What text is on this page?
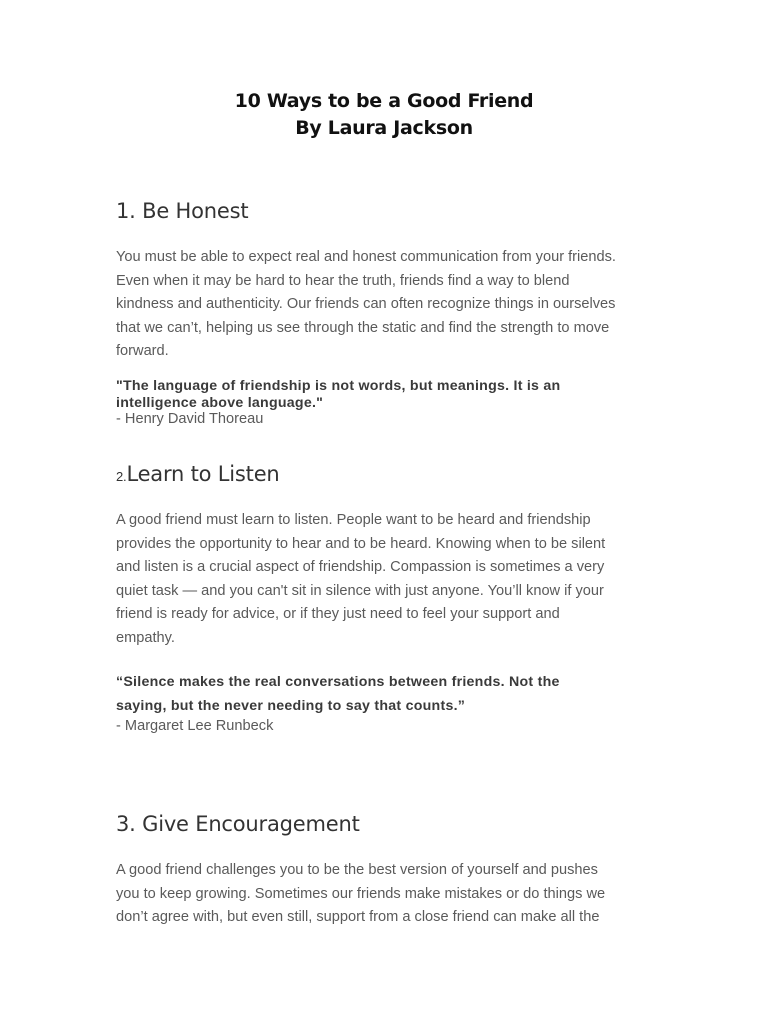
10 Ways to be a Good Friend
By Laura Jackson
1. Be Honest
You must be able to expect real and honest communication from your friends.
Even when it may be hard to hear the truth, friends find a way to blend
kindness and authenticity. Our friends can often recognize things in ourselves
that we can’t, helping us see through the static and find the strength to move
forward.
"The language of friendship is not words, but meanings. It is an
intelligence above language."
- Henry David Thoreau
2.Learn to Listen
A good friend must learn to listen. People want to be heard and friendship
provides the opportunity to hear and to be heard. Knowing when to be silent
and listen is a crucial aspect of friendship. Compassion is sometimes a very
quiet task — and you can't sit in silence with just anyone. You’ll know if your
friend is ready for advice, or if they just need to feel your support and
empathy.
“Silence makes the real conversations between friends. Not the
saying, but the never needing to say that counts.”
- Margaret Lee Runbeck
3. Give Encouragement
A good friend challenges you to be the best version of yourself and pushes
you to keep growing. Sometimes our friends make mistakes or do things we
don’t agree with, but even still, support from a close friend can make all the
